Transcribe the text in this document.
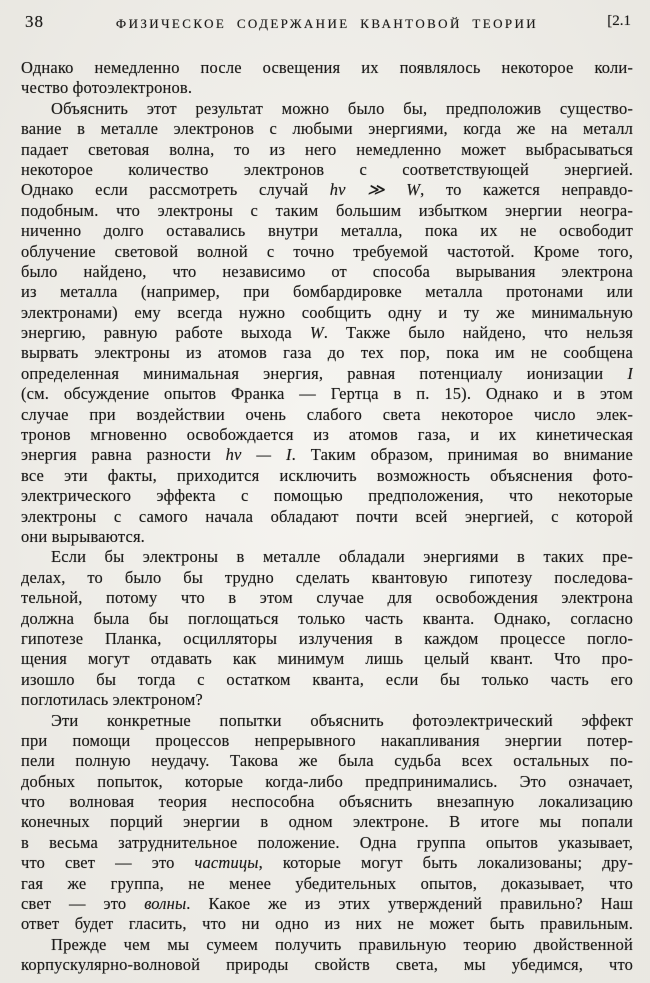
38	ФИЗИЧЕСКОЕ СОДЕРЖАНИЕ КВАНТОВОЙ ТЕОРИИ	[2.1
Однако немедленно после освещения их появлялось некоторое коли-
чество фотоэлектронов.
Объяснить этот результат можно было бы, предположив существо-
вание в металле электронов с любыми энергиями, когда же на металл
падает световая волна, то из него немедленно может выбрасываться
некоторое количество электронов с соответствующей энергией.
Однако если рассмотреть случай hν ≫ W, то кажется неправдо-
подобным. что электроны с таким большим избытком энергии неогра-
ниченно долго оставались внутри металла, пока их не освободит
облучение световой волной с точно требуемой частотой. Кроме того,
было найдено, что независимо от способа вырывания электрона
из металла (например, при бомбардировке металла протонами или
электронами) ему всегда нужно сообщить одну и ту же минимальную
энергию, равную работе выхода W. Также было найдено, что нельзя
вырвать электроны из атомов газа до тех пор, пока им не сообщена
определенная минимальная энергия, равная потенциалу ионизации I
(см. обсуждение опытов Франка — Гертца в п. 15). Однако и в этом
случае при воздействии очень слабого света некоторое число элек-
тронов мгновенно освобождается из атомов газа, и их кинетическая
энергия равна разности hν — I. Таким образом, принимая во внимание
все эти факты, приходится исключить возможность объяснения фото-
электрического эффекта с помощью предположения, что некоторые
электроны с самого начала обладают почти всей энергией, с которой
они вырываются.
Если бы электроны в металле обладали энергиями в таких пре-
делах, то было бы трудно сделать квантовую гипотезу последова-
тельной, потому что в этом случае для освобождения электрона
должна была бы поглощаться только часть кванта. Однако, согласно
гипотезе Планка, осцилляторы излучения в каждом процессе погло-
щения могут отдавать как минимум лишь целый квант. Что про-
изошло бы тогда с остатком кванта, если бы только часть его
поглотилась электроном?
Эти конкретные попытки объяснить фотоэлектрический эффект
при помощи процессов непрерывного накапливания энергии потер-
пели полную неудачу. Такова же была судьба всех остальных по-
добных попыток, которые когда-либо предпринимались. Это означает,
что волновая теория неспособна объяснить внезапную локализацию
конечных порций энергии в одном электроне. В итоге мы попали
в весьма затруднительное положение. Одна группа опытов указывает,
что свет — это частицы, которые могут быть локализованы; дру-
гая же группа, не менее убедительных опытов, доказывает, что
свет — это волны. Какое же из этих утверждений правильно? Наш
ответ будет гласить, что ни одно из них не может быть правильным.
Прежде чем мы сумеем получить правильную теорию двойственной
корпускулярно-волновой природы свойств света, мы убедимся, что
